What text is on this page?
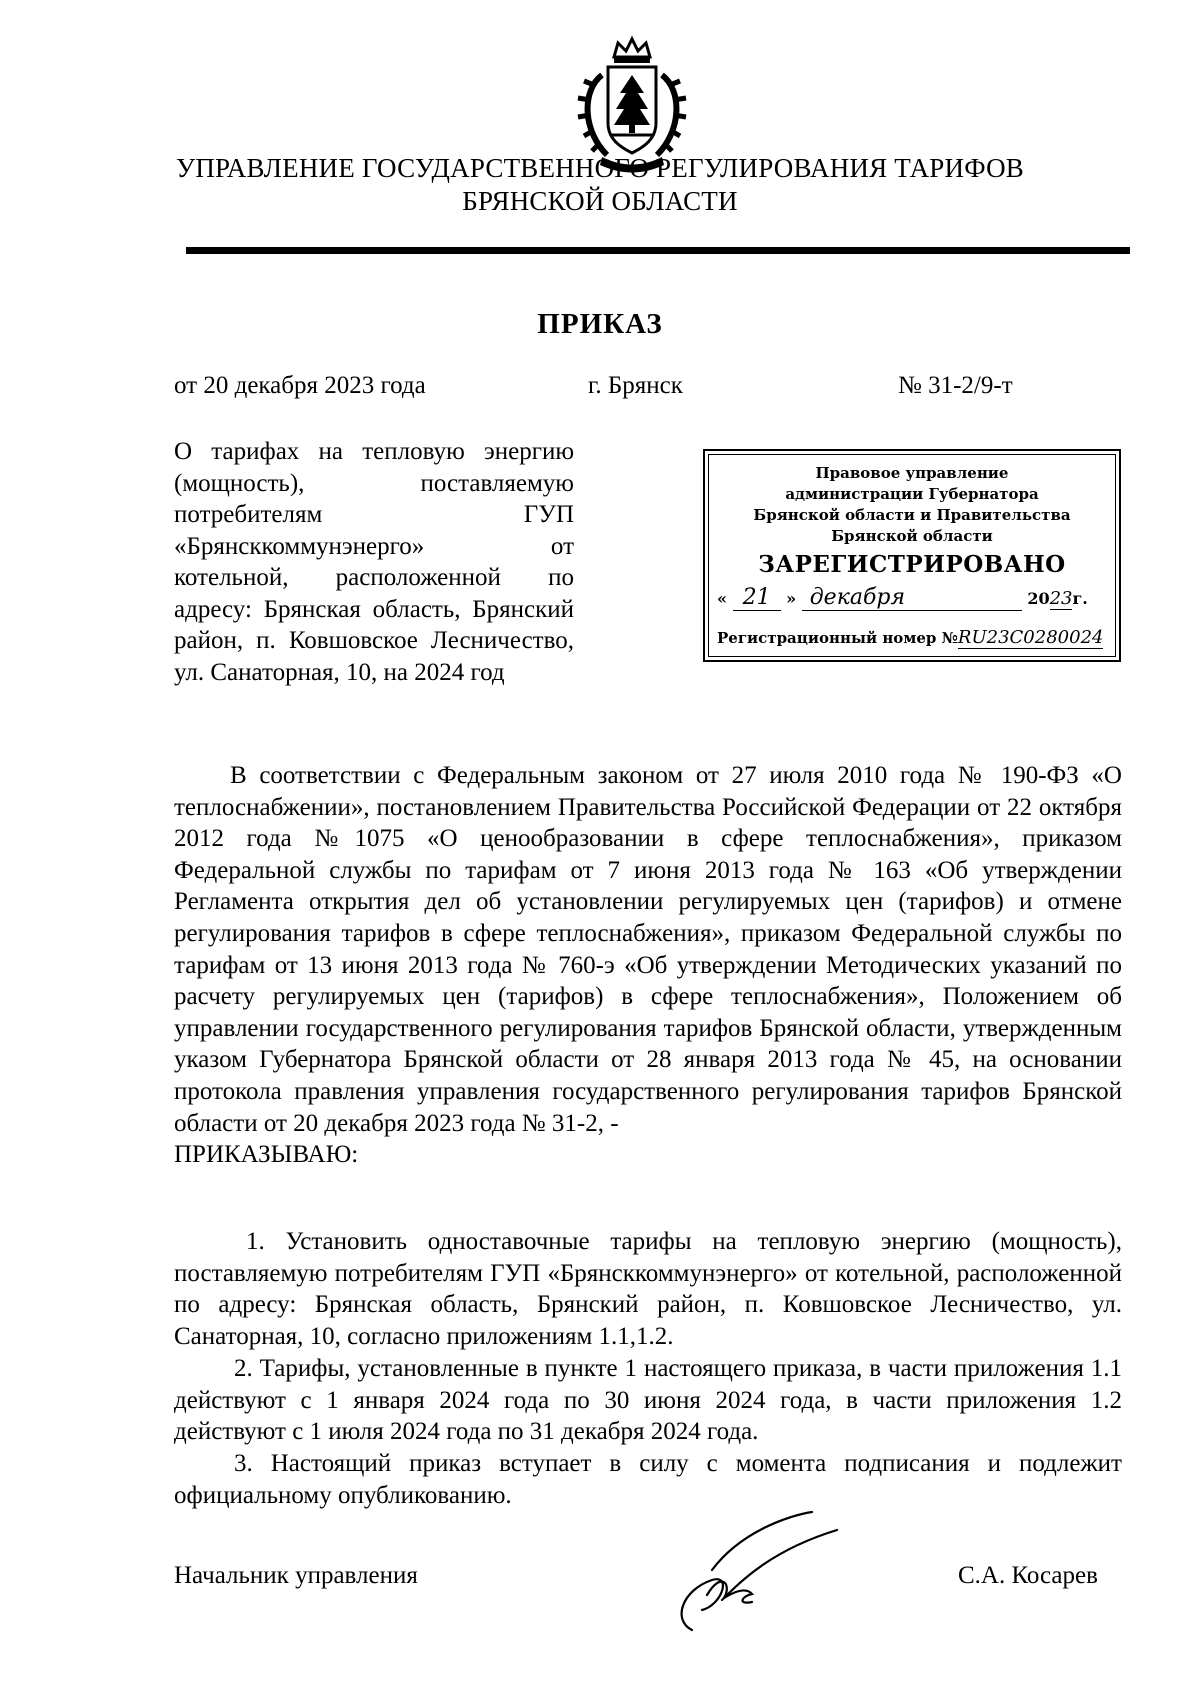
УПРАВЛЕНИЕ ГОСУДАРСТВЕННОГО РЕГУЛИРОВАНИЯ ТАРИФОВ
БРЯНСКОЙ ОБЛАСТИ
ПРИКАЗ
от 20 декабря 2023 года	г. Брянск	№ 31-2/9-т
О тарифах на тепловую энергию (мощность), поставляемую потребителям ГУП «Брянсккоммунэнерго» от котельной, расположенной по адресу: Брянская область, Брянский район, п. Ковшовское Лесничество, ул. Санаторная, 10, на 2024 год
Правовое управление
администрации Губернатора
Брянской области и Правительства
Брянской области
ЗАРЕГИСТРИРОВАНО
« 21 » декабря	2023г.
Регистрационный номер №RU23C0280024
В соответствии с Федеральным законом от 27 июля 2010 года № 190-ФЗ «О теплоснабжении», постановлением Правительства Российской Федерации от 22 октября 2012 года №1075 «О ценообразовании в сфере теплоснабжения», приказом Федеральной службы по тарифам от 7 июня 2013 года № 163 «Об утверждении Регламента открытия дел об установлении регулируемых цен (тарифов) и отмене регулирования тарифов в сфере теплоснабжения», приказом Федеральной службы по тарифам от 13 июня 2013 года № 760-э «Об утверждении Методических указаний по расчету регулируемых цен (тарифов) в сфере теплоснабжения», Положением об управлении государственного регулирования тарифов Брянской области, утвержденным указом Губернатора Брянской области от 28 января 2013 года № 45, на основании протокола правления управления государственного регулирования тарифов Брянской области от 20 декабря 2023 года № 31-2, -
ПРИКАЗЫВАЮ:
1. Установить одноставочные тарифы на тепловую энергию (мощность), поставляемую потребителям ГУП «Брянсккоммунэнерго» от котельной, расположенной по адресу: Брянская область, Брянский район, п. Ковшовское Лесничество, ул. Санаторная, 10, согласно приложениям 1.1,1.2.
2. Тарифы, установленные в пункте 1 настоящего приказа, в части приложения 1.1 действуют с 1 января 2024 года по 30 июня 2024 года, в части приложения 1.2 действуют с 1 июля 2024 года по 31 декабря 2024 года.
3. Настоящий приказ вступает в силу с момента подписания и подлежит официальному опубликованию.
Начальник управления	С.А. Косарев
